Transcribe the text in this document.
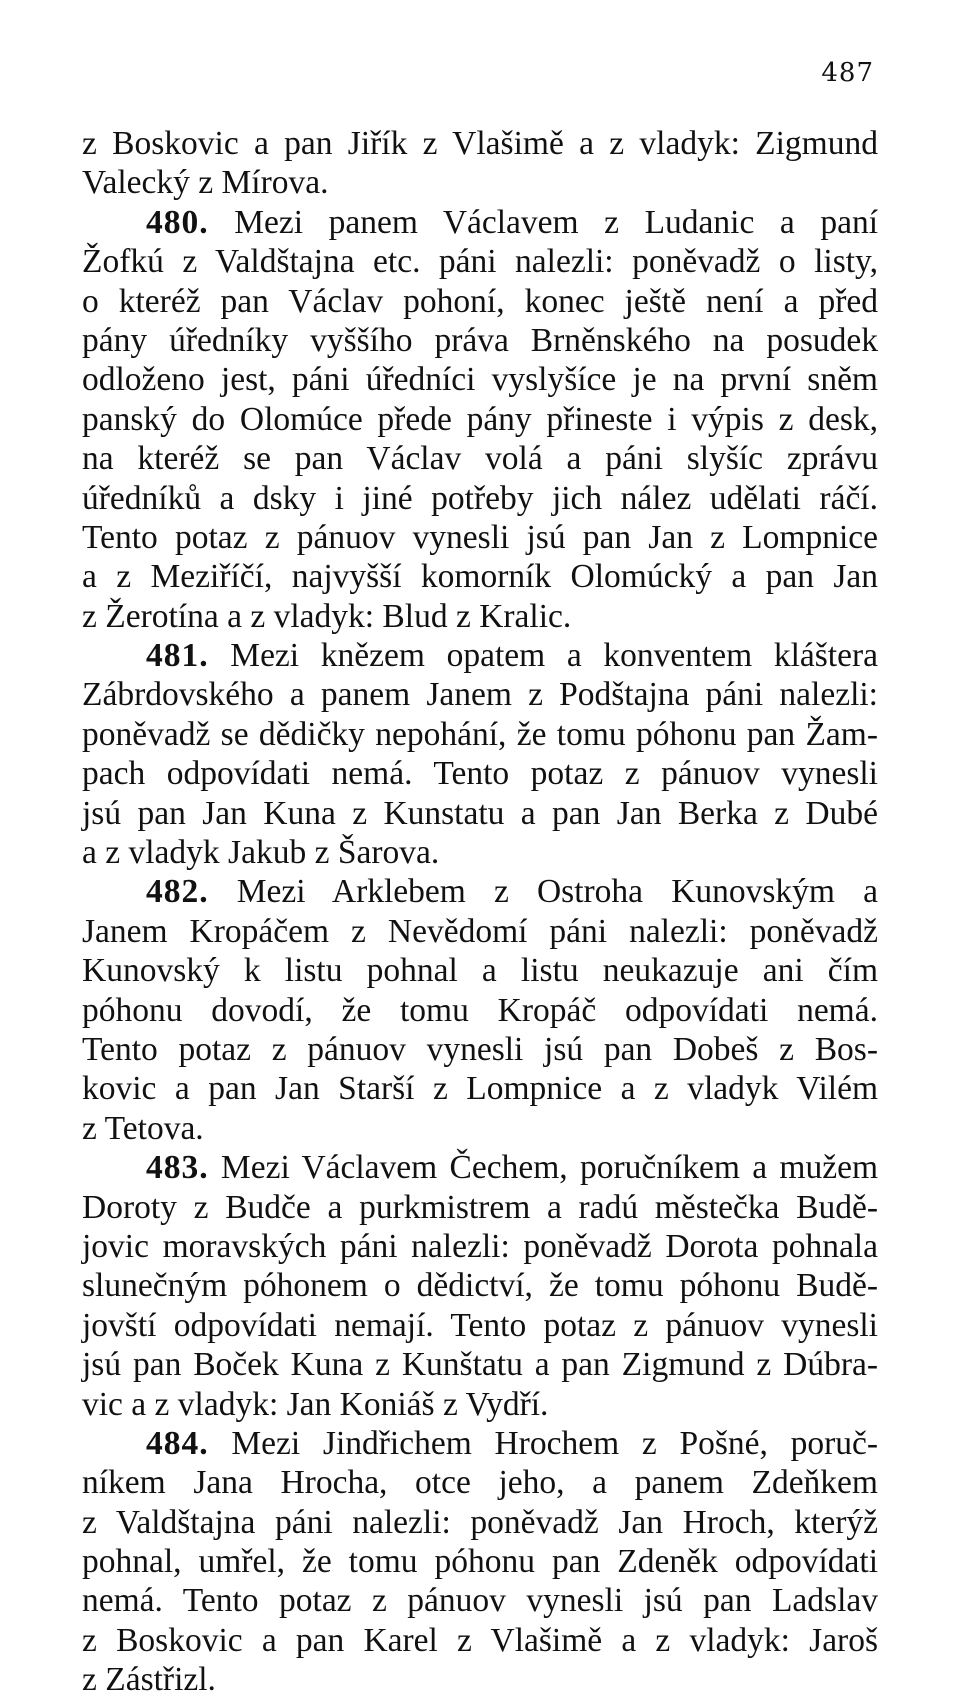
487
z Boskovic a pan Jiřík z Vlašimě a z vladyk: Zigmund
Valecký z Mírova.
480. Mezi panem Václavem z Ludanic a paní
Žofkú z Valdštajna etc. páni nalezli: poněvadž o listy,
o kteréž pan Václav pohoní, konec ještě není a před
pány úředníky vyššího práva Brněnského na posudek
odloženo jest, páni úředníci vyslyšíce je na první sněm
panský do Olomúce přede pány přineste i výpis z desk,
na kteréž se pan Václav volá a páni slyšíc zprávu
úředníků a dsky i jiné potřeby jich nález udělati ráčí.
Tento potaz z pánuov vynesli jsú pan Jan z Lompnice
a z Meziříčí, najvyšší komorník Olomúcký a pan Jan
z Žerotína a z vladyk: Blud z Kralic.
481. Mezi knězem opatem a konventem kláštera
Zábrdovského a panem Janem z Podštajna páni nalezli:
poněvadž se dědičky nepohání, že tomu póhonu pan Žam-
pach odpovídati nemá. Tento potaz z pánuov vynesli
jsú pan Jan Kuna z Kunstatu a pan Jan Berka z Dubé
a z vladyk Jakub z Šarova.
482. Mezi Arklebem z Ostroha Kunovským a
Janem Kropáčem z Nevědomí páni nalezli: poněvadž
Kunovský k listu pohnal a listu neukazuje ani čím
póhonu dovodí, že tomu Kropáč odpovídati nemá.
Tento potaz z pánuov vynesli jsú pan Dobeš z Bos-
kovic a pan Jan Starší z Lompnice a z vladyk Vilém
z Tetova.
483. Mezi Václavem Čechem, poručníkem a mužem
Doroty z Budče a purkmistrem a radú městečka Budě-
jovic moravských páni nalezli: poněvadž Dorota pohnala
slunečným póhonem o dědictví, že tomu póhonu Budě-
jovští odpovídati nemají. Tento potaz z pánuov vynesli
jsú pan Boček Kuna z Kunštatu a pan Zigmund z Dúbra-
vic a z vladyk: Jan Koniáš z Vydří.
484. Mezi Jindřichem Hrochem z Pošné, poruč-
níkem Jana Hrocha, otce jeho, a panem Zdeňkem
z Valdštajna páni nalezli: poněvadž Jan Hroch, kterýž
pohnal, umřel, že tomu póhonu pan Zdeněk odpovídati
nemá. Tento potaz z pánuov vynesli jsú pan Ladslav
z Boskovic a pan Karel z Vlašimě a z vladyk: Jaroš
z Zástřizl.
